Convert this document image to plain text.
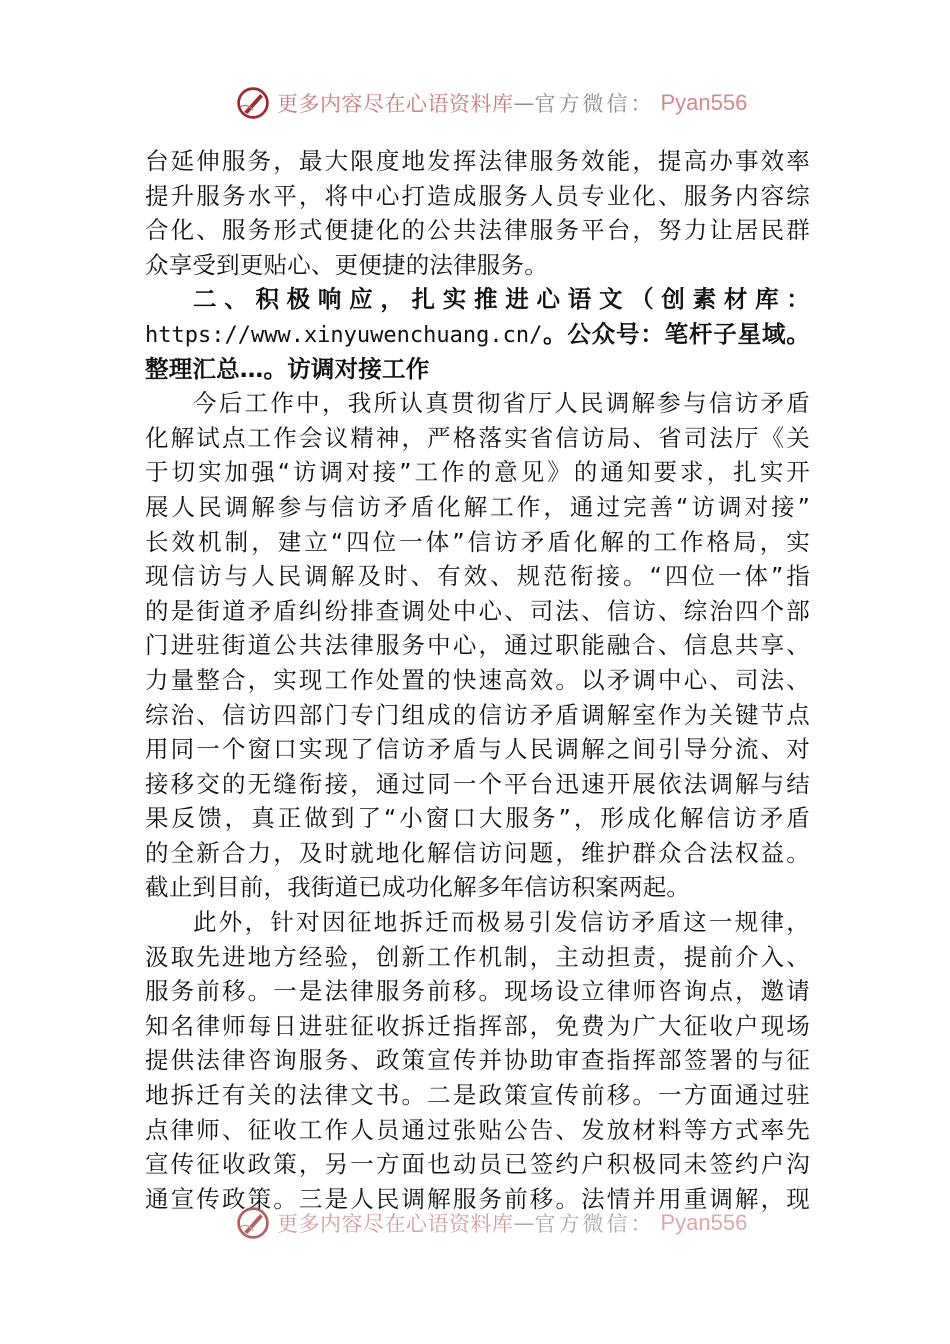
更多内容尽在心语资料库 — 官方微信： Pyan556
台延伸服务，最大限度地发挥法律服务效能，提高办事效率
提升服务水平，将中心打造成服务人员专业化、服务内容综
合化、服务形式便捷化的公共法律服务平台，努力让居民群
众享受到更贴心、更便捷的法律服务。
二、积极响应，扎实推进心语文（创素材库：
https://www.xinyuwenchuang.cn/。公众号：笔杆子星域。
整理汇总…。访调对接工作
今后工作中，我所认真贯彻省厅人民调解参与信访矛盾
化解试点工作会议精神，严格落实省信访局、省司法厅《关
于切实加强“访调对接”工作的意见》的通知要求，扎实开
展人民调解参与信访矛盾化解工作，通过完善“访调对接”
长效机制，建立“四位一体”信访矛盾化解的工作格局，实
现信访与人民调解及时、有效、规范衔接。“四位一体”指
的是街道矛盾纠纷排查调处中心、司法、信访、综治四个部
门进驻街道公共法律服务中心，通过职能融合、信息共享、
力量整合，实现工作处置的快速高效。以矛调中心、司法、
综治、信访四部门专门组成的信访矛盾调解室作为关键节点
用同一个窗口实现了信访矛盾与人民调解之间引导分流、对
接移交的无缝衔接，通过同一个平台迅速开展依法调解与结
果反馈，真正做到了“小窗口大服务”，形成化解信访矛盾
的全新合力，及时就地化解信访问题，维护群众合法权益。
截止到目前，我街道已成功化解多年信访积案两起。
此外，针对因征地拆迁而极易引发信访矛盾这一规律，
汲取先进地方经验，创新工作机制，主动担责，提前介入、
服务前移。一是法律服务前移。现场设立律师咨询点，邀请
知名律师每日进驻征收拆迁指挥部，免费为广大征收户现场
提供法律咨询服务、政策宣传并协助审查指挥部签署的与征
地拆迁有关的法律文书。二是政策宣传前移。一方面通过驻
点律师、征收工作人员通过张贴公告、发放材料等方式率先
宣传征收政策，另一方面也动员已签约户积极同未签约户沟
通宣传政策。三是人民调解服务前移。法情并用重调解，现
更多内容尽在心语资料库 — 官方微信： Pyan556
